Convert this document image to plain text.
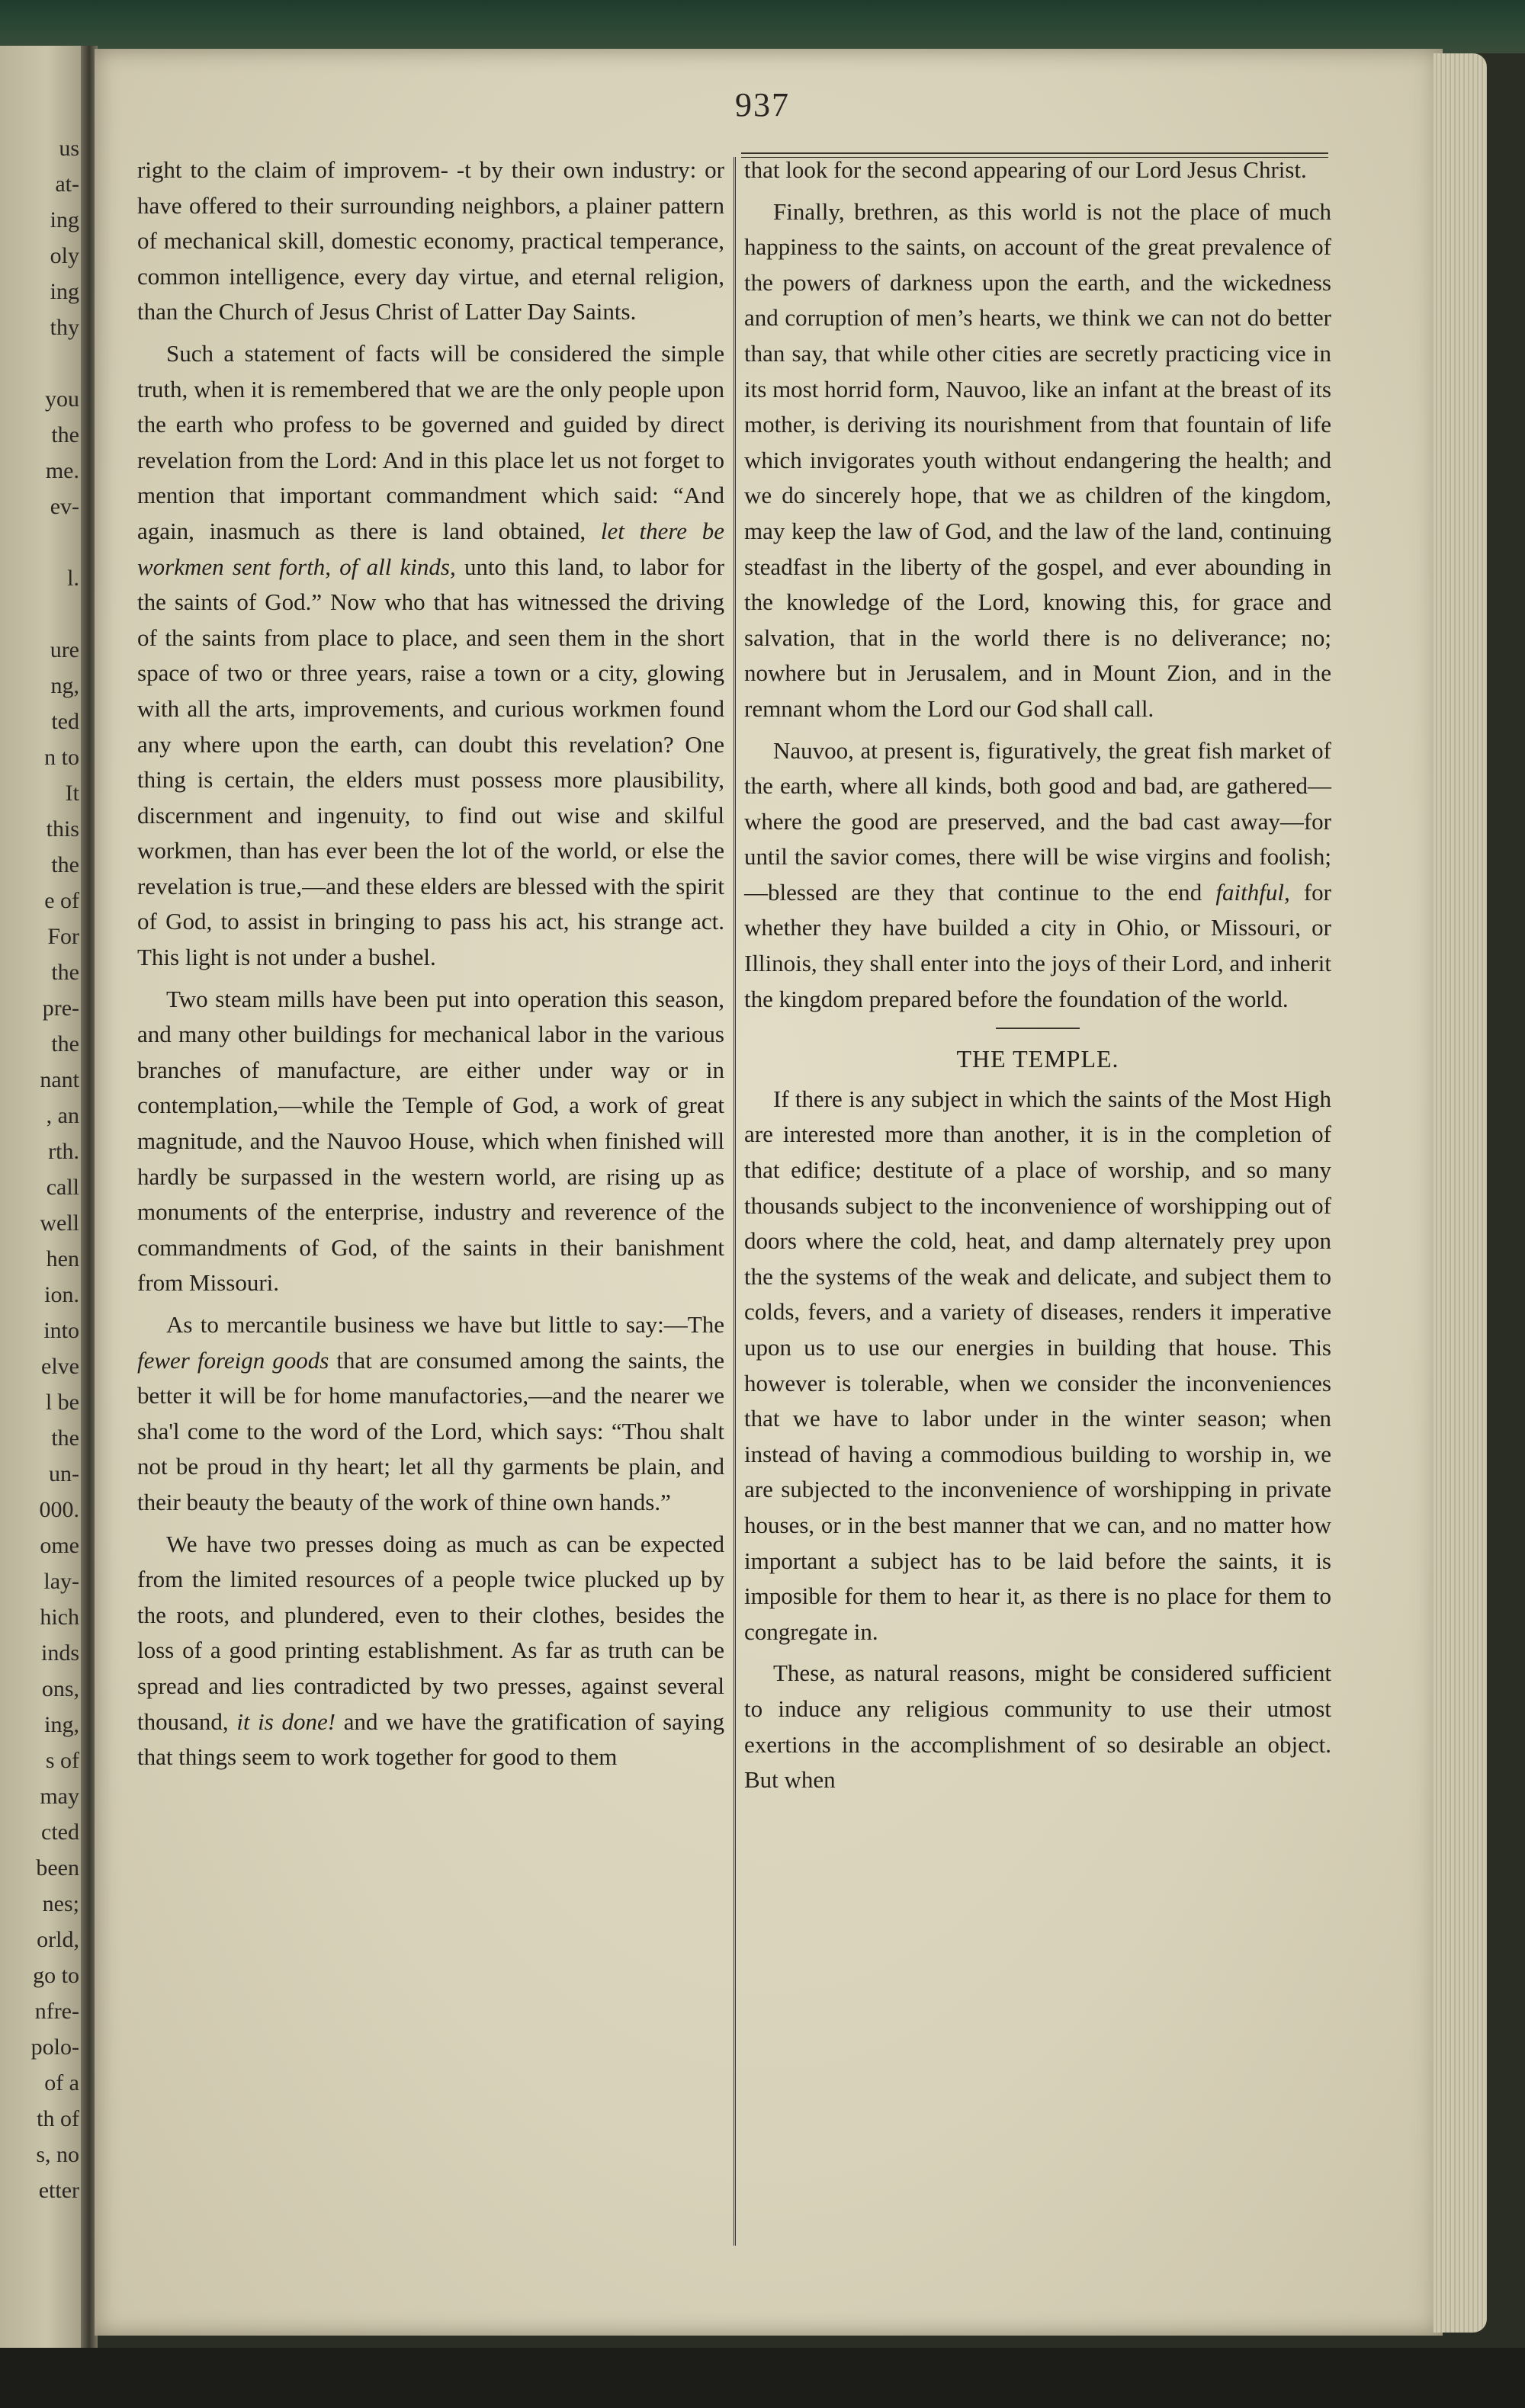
us
at-
ing
oly
ing
thy
you
the
me.
ev-
l.
ure
ng,
ted
n to
It
this
the
e of
For
the
pre-
the
nant
, an
rth.
call
well
hen
ion.
into
elve
l be
the
un-
000.
ome
lay-
hich
inds
ons,
ing,
s of
may
cted
been
nes;
orld,
go to
nfre-
polo-
of a
th of
s, no
etter
937

right to the claim of improvem- -t by their own industry: or have offered to their surrounding neighbors, a plainer pattern of mechanical skill, domestic economy, practical temperance, common intelligence, every day virtue, and eternal religion, than the Church of Jesus Christ of Latter Day Saints.

Such a statement of facts will be considered the simple truth, when it is remembered that we are the only people upon the earth who profess to be governed and guided by direct revelation from the Lord: And in this place let us not forget to mention that important commandment which said: “And again, inasmuch as there is land obtained, let there be workmen sent forth, of all kinds, unto this land, to labor for the saints of God.” Now who that has witnessed the driving of the saints from place to place, and seen them in the short space of two or three years, raise a town or a city, glowing with all the arts, improvements, and curious workmen found any where upon the earth, can doubt this revelation? One thing is certain, the elders must possess more plausibility, discernment and ingenuity, to find out wise and skilful workmen, than has ever been the lot of the world, or else the revelation is true,—and these elders are blessed with the spirit of God, to assist in bringing to pass his act, his strange act. This light is not under a bushel.

Two steam mills have been put into operation this season, and many other buildings for mechanical labor in the various branches of manufacture, are either under way or in contemplation,—while the Temple of God, a work of great magnitude, and the Nauvoo House, which when finished will hardly be surpassed in the western world, are rising up as monuments of the enterprise, industry and reverence of the commandments of God, of the saints in their banishment from Missouri.

As to mercantile business we have but little to say:—The fewer foreign goods that are consumed among the saints, the better it will be for home manufactories,—and the nearer we sha'l come to the word of the Lord, which says: “Thou shalt not be proud in thy heart; let all thy garments be plain, and their beauty the beauty of the work of thine own hands.”

We have two presses doing as much as can be expected from the limited resources of a people twice plucked up by the roots, and plundered, even to their clothes, besides the loss of a good printing establishment. As far as truth can be spread and lies contradicted by two presses, against several thousand, it is done! and we have the gratification of saying that things seem to work together for good to them

that look for the second appearing of our Lord Jesus Christ.

Finally, brethren, as this world is not the place of much happiness to the saints, on account of the great prevalence of the powers of darkness upon the earth, and the wickedness and corruption of men’s hearts, we think we can not do better than say, that while other cities are secretly practicing vice in its most horrid form, Nauvoo, like an infant at the breast of its mother, is deriving its nourishment from that fountain of life which invigorates youth without endangering the health; and we do sincerely hope, that we as children of the kingdom, may keep the law of God, and the law of the land, continuing steadfast in the liberty of the gospel, and ever abounding in the knowledge of the Lord, knowing this, for grace and salvation, that in the world there is no deliverance; no; nowhere but in Jerusalem, and in Mount Zion, and in the remnant whom the Lord our God shall call.

Nauvoo, at present is, figuratively, the great fish market of the earth, where all kinds, both good and bad, are gathered—where the good are preserved, and the bad cast away—for until the savior comes, there will be wise virgins and foolish;—blessed are they that continue to the end faithful, for whether they have builded a city in Ohio, or Missouri, or Illinois, they shall enter into the joys of their Lord, and inherit the kingdom prepared before the foundation of the world.

THE TEMPLE.

If there is any subject in which the saints of the Most High are interested more than another, it is in the completion of that edifice; destitute of a place of worship, and so many thousands subject to the inconvenience of worshipping out of doors where the cold, heat, and damp alternately prey upon the the systems of the weak and delicate, and subject them to colds, fevers, and a variety of diseases, renders it imperative upon us to use our energies in building that house. This however is tolerable, when we consider the inconveniences that we have to labor under in the winter season; when instead of having a commodious building to worship in, we are subjected to the inconvenience of worshipping in private houses, or in the best manner that we can, and no matter how important a subject has to be laid before the saints, it is imposible for them to hear it, as there is no place for them to congregate in.

These, as natural reasons, might be considered sufficient to induce any religious community to use their utmost exertions in the accomplishment of so desirable an object. But when
